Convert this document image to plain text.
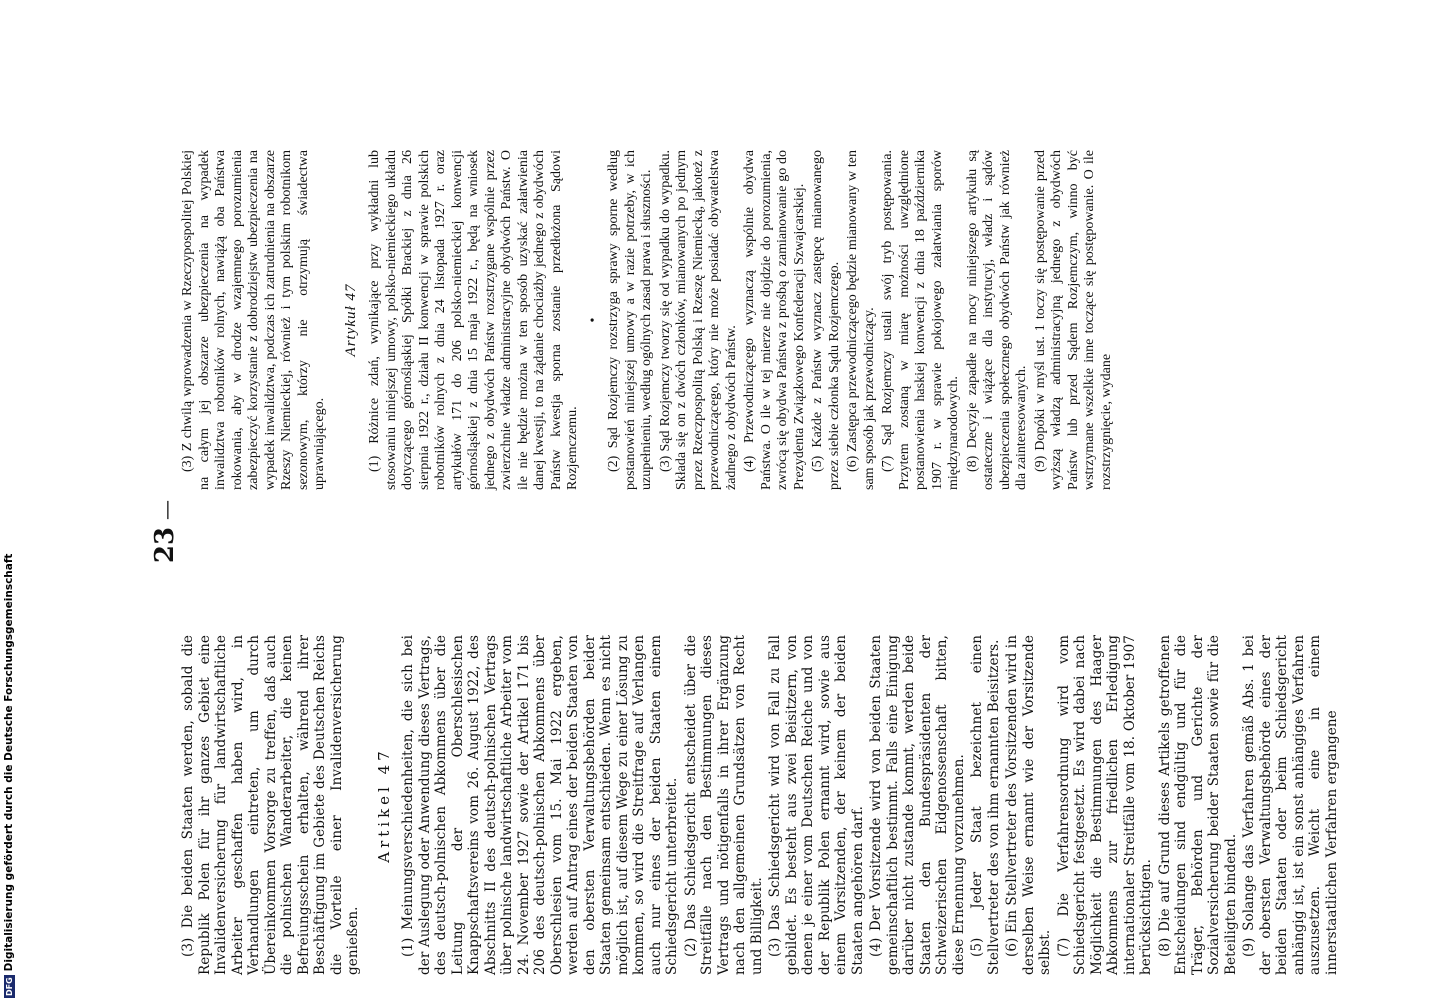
23
—

(3) Die beiden Staaten werden, sobald die Republik Polen für ihr ganzes Gebiet eine Invalidenversicherung für landwirtschaftliche Arbeiter geschaffen haben wird, in Verhandlungen eintreten, um durch Übereinkommen Vorsorge zu treffen, daß auch die polnischen Wanderarbeiter, die keinen Befreiungsschein erhalten, während ihrer Beschäftigung im Gebiete des Deutschen Reichs die Vorteile einer Invalidenversicherung genießen.

Artikel 47 (1) Meinungsverschiedenheiten, die sich bei der Auslegung oder Anwendung dieses Vertrags, des deutsch-polnischen Abkommens über die Leitung der Oberschlesischen Knappschaftsvereins vom 26. August 1922, des Abschnitts II des deutsch-polnischen Vertrags über polnische landwirtschaftliche Arbeiter vom 24. November 1927 sowie der Artikel 171 bis 206 des deutsch-polnischen Abkommens über Oberschlesien vom 15. Mai 1922 ergeben, werden auf Antrag eines der beiden Staaten von den obersten Verwaltungsbehörden beider Staaten gemeinsam entschieden. Wenn es nicht möglich ist, auf diesem Wege zu einer Lösung zu kommen, so wird die Streitfrage auf Verlangen auch nur eines der beiden Staaten einem Schiedsgericht unterbreitet. (2) Das Schiedsgericht entscheidet über die Streitfälle nach den Bestimmungen dieses Vertrags und nötigenfalls in ihrer Ergänzung nach den allgemeinen Grundsätzen von Recht und Billigkeit. (3) Das Schiedsgericht wird von Fall zu Fall gebildet. Es besteht aus zwei Beisitzern, von denen je einer vom Deutschen Reiche und von der Republik Polen ernannt wird, sowie aus einem Vorsitzenden, der keinem der beiden Staaten angehören darf. (4) Der Vorsitzende wird von beiden Staaten gemeinschaftlich bestimmt. Falls eine Einigung darüber nicht zustande kommt, werden beide Staaten den Bundespräsidenten der Schweizerischen Eidgenossenschaft bitten, diese Ernennung vorzunehmen. (5) Jeder Staat bezeichnet einen Stellvertreter des von ihm ernannten Beisitzers. (6) Ein Stellvertreter des Vorsitzenden wird in derselben Weise ernannt wie der Vorsitzende selbst. (7) Die Verfahrensordnung wird vom Schiedsgericht festgesetzt. Es wird dabei nach Möglichkeit die Bestimmungen des Haager Abkommens zur friedlichen Erledigung internationaler Streitfälle vom 18. Oktober 1907 berücksichtigen. (8) Die auf Grund dieses Artikels getroffenen Entscheidungen sind endgültig und für die Träger, Behörden und Gerichte der Sozialversicherung beider Staaten sowie für die Beteiligten bindend. (9) Solange das Verfahren gemäß Abs. 1 bei der obersten Verwaltungsbehörde eines der beiden Staaten oder beim Schiedsgericht anhängig ist, ist ein sonst anhängiges Verfahren auszusetzen. Weicht eine in einem innerstaatlichen Verfahren ergangene

(3) Z chwilą wprowadzenia w Rzeczypospolitej Polskiej na całym jej obszarze ubezpieczenia na wypadek inwalidztwa robotników rolnych, nawiążą oba Państwa rokowania, aby w drodze wzajemnego porozumienia zabezpieczyć korzystanie z dobrodziejstw ubezpieczenia na wypadek inwalidztwa, podczas ich zatrudnienia na obszarze Rzeszy Niemieckiej, również i tym polskim robotnikom sezonowym, którzy nie otrzymują świadectwa uprawniającego.

Artykuł 47 (1) Różnice zdań, wynikające przy wykładni lub stosowaniu niniejszej umowy, polsko-niemieckiego układu dotyczącego górnośląskiej Spółki Brackiej z dnia 26 sierpnia 1922 r., działu II konwencji w sprawie polskich robotników rolnych z dnia 24 listopada 1927 r. oraz artykułów 171 do 206 polsko-niemieckiej konwencji górnośląskiej z dnia 15 maja 1922 r., będą na wniosek jednego z obydwóch Państw rozstrzygane wspólnie przez zwierzchnie władze administracyjne obydwóch Państw. O ile nie będzie można w ten sposób uzyskać załatwienia danej kwestji, to na żądanie chociażby jednego z obydwóch Państw kwestja sporna zostanie przedłożona Sądowi Rozjemczemu.

• (2) Sąd Rozjemczy rozstrzyga sprawy sporne według postanowień niniejszej umowy a w razie potrzeby, w ich uzupełnieniu, według ogólnych zasad prawa i słuszności. (3) Sąd Rozjemczy tworzy się od wypadku do wypadku. Składa się on z dwóch członków, mianowanych po jednym przez Rzeczpospolitą Polską i Rzeszę Niemiecką, jakoteż z przewodniczącego, który nie może posiadać obywatelstwa żadnego z obydwóch Państw. (4) Przewodniczącego wyznaczą wspólnie obydwa Państwa. O ile w tej mierze nie dojdzie do porozumienia, zwrócą się obydwa Państwa z prośbą o zamianowanie go do Prezydenta Związkowego Konfederacji Szwajcarskiej. (5) Każde z Państw wyznacz zastępcę mianowanego przez siebie członka Sądu Rozjemczego. (6) Zastępca przewodniczącego będzie mianowany w ten sam sposób jak przewodniczący. (7) Sąd Rozjemczy ustali swój tryb postępowania. Przytem zostaną w miarę możności uwzględnione postanowienia haskiej konwencji z dnia 18 października 1907 r. w sprawie pokojowego załatwiania sporów międzynarodowych. (8) Decyzje zapadłe na mocy niniejszego artykułu są ostateczne i wiążące dla instytucyj, władz i sądów ubezpieczenia społecznego obydwóch Państw jak również dla zainteresowanych. (9) Dopóki w myśl ust. 1 toczy się postępowanie przed wyższą władzą administracyjną jednego z obydwóch Państw lub przed Sądem Rozjemczym, winno być wstrzymane wszelkie inne toczące się postępowanie. O ile rozstrzygnięcie, wydane

DFGDigitalisierung gefördert durch die Deutsche Forschungsgemeinschaft
